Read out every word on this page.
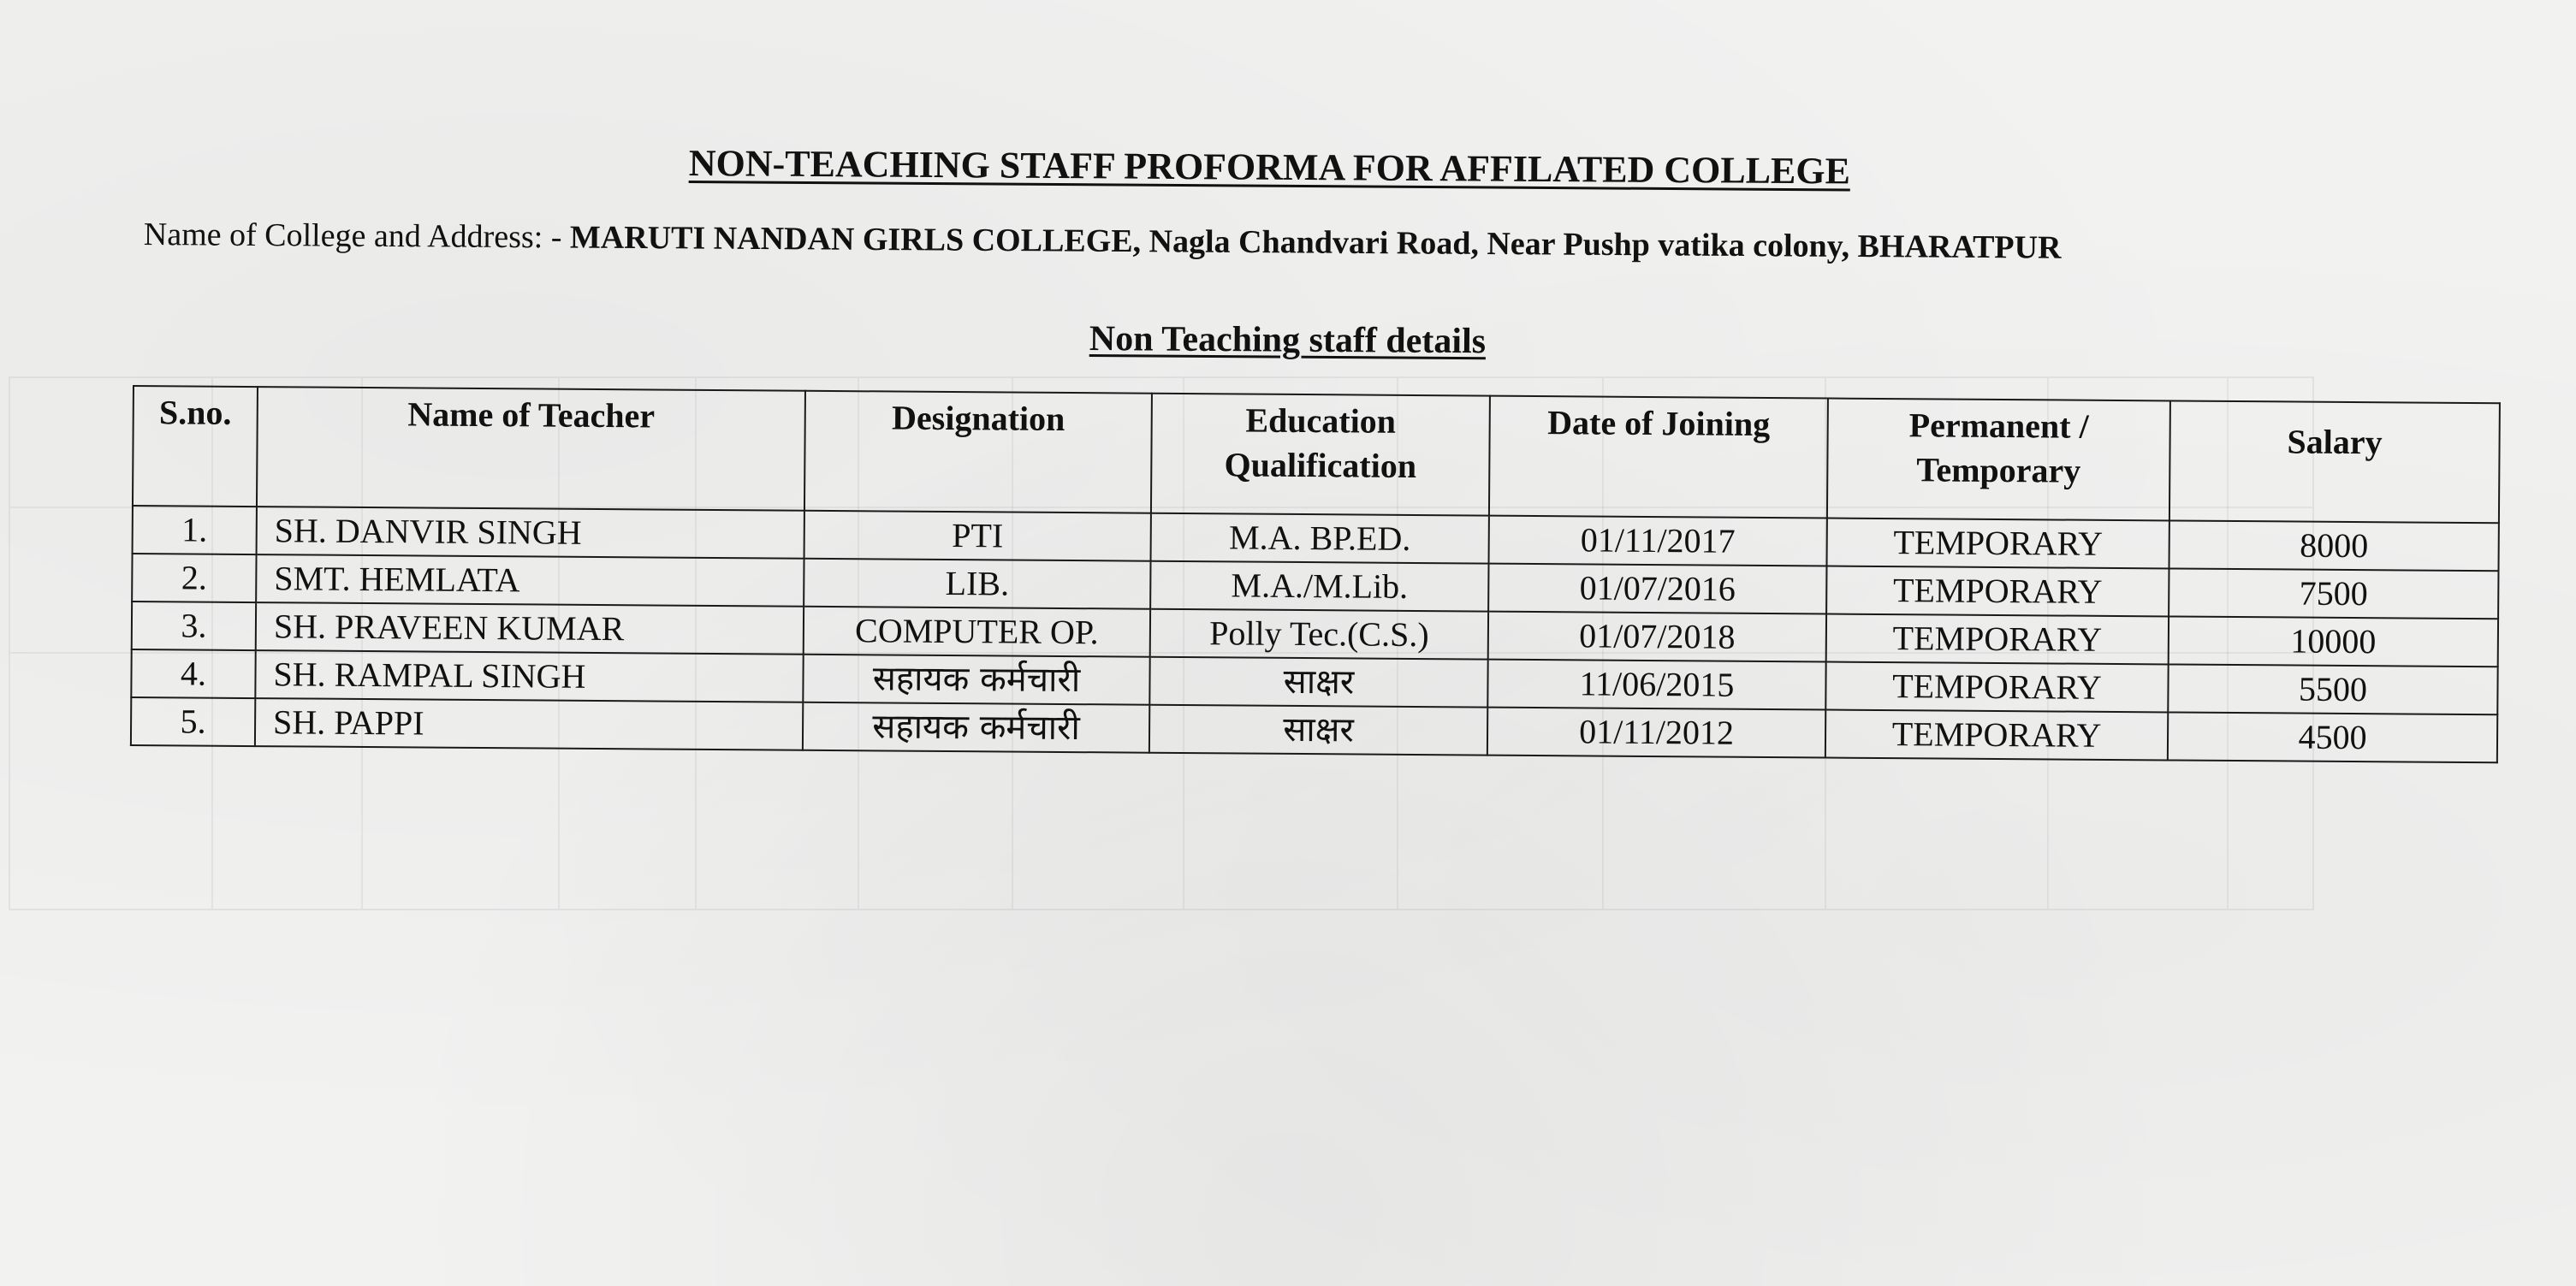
NON-TEACHING STAFF PROFORMA FOR AFFILATED COLLEGE
Name of College and Address: - MARUTI NANDAN GIRLS COLLEGE, Nagla Chandvari Road, Near Pushp vatika colony, BHARATPUR
Non Teaching staff details
S.no.	Name of Teacher	Designation	Education Qualification	Date of Joining	Permanent / Temporary	Salary
1.	SH. DANVIR SINGH	PTI	M.A. BP.ED.	01/11/2017	TEMPORARY	8000
2.	SMT. HEMLATA	LIB.	M.A./M.Lib.	01/07/2016	TEMPORARY	7500
3.	SH. PRAVEEN KUMAR	COMPUTER OP.	Polly Tec.(C.S.)	01/07/2018	TEMPORARY	10000
4.	SH. RAMPAL SINGH	सहायक कर्मचारी	साक्षर	11/06/2015	TEMPORARY	5500
5.	SH. PAPPI	सहायक कर्मचारी	साक्षर	01/11/2012	TEMPORARY	4500
